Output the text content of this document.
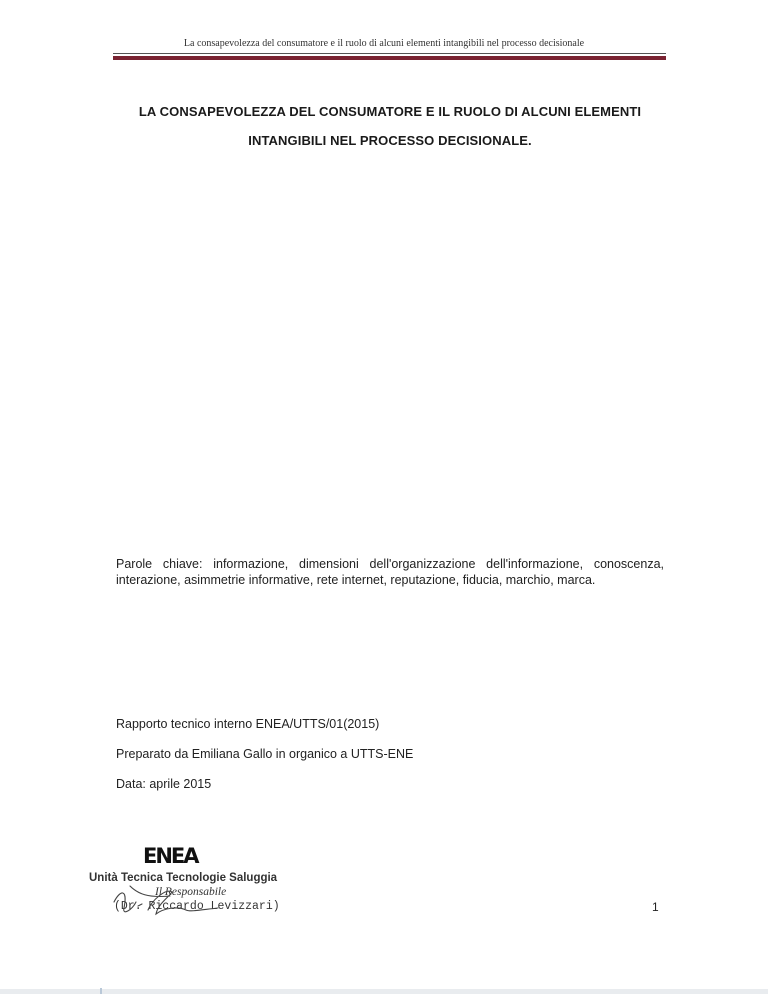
La consapevolezza del consumatore e il ruolo di alcuni elementi intangibili nel processo decisionale
LA CONSAPEVOLEZZA DEL CONSUMATORE E IL RUOLO DI ALCUNI ELEMENTI
INTANGIBILI NEL PROCESSO DECISIONALE.
Parole chiave: informazione, dimensioni dell'organizzazione dell'informazione, conoscenza, interazione, asimmetrie informative, rete internet, reputazione, fiducia, marchio, marca.
Rapporto tecnico interno ENEA/UTTS/01(2015)
Preparato da Emiliana Gallo in organico a UTTS-ENE
Data: aprile 2015
ENEA
Unità Tecnica Tecnologie Saluggia
Il Responsabile
(Dr. Riccardo Levizzari)	1
